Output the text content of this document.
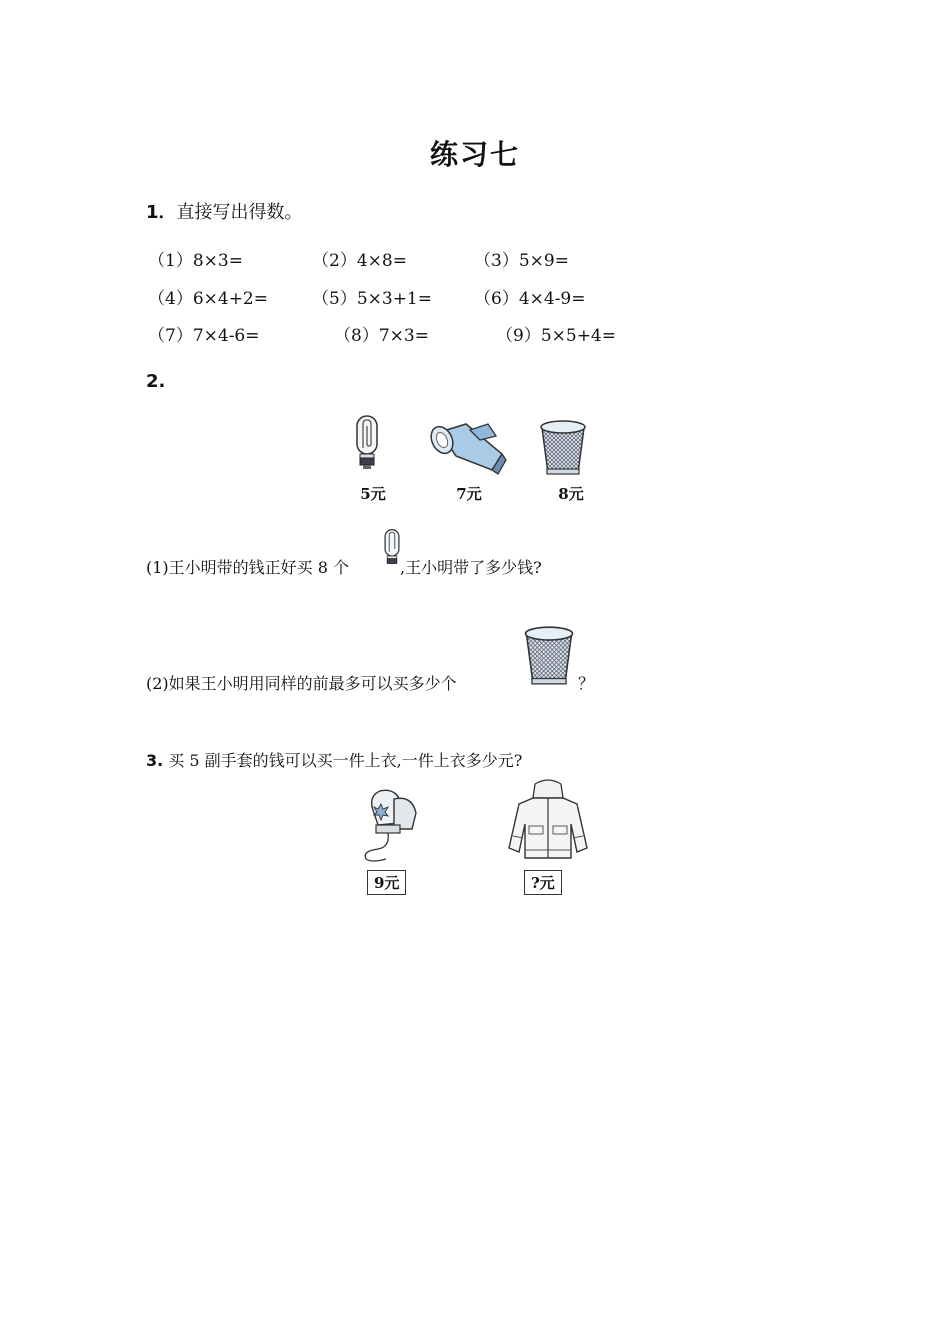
练习七
1．直接写出得数。
（1）8×3=	（2）4×8=	（3）5×9=
（4）6×4+2=	（5）5×3+1= （6）4×4-9=
（7）7×4-6=	（8）7×3=	（9）5×5+4=
2.
5元	7元	8元
(1)王小明带的钱正好买 8 个	,王小明带了多少钱?
(2)如果王小明用同样的前最多可以买多少个	？
3. 买 5 副手套的钱可以买一件上衣,一件上衣多少元?
9元	?元
